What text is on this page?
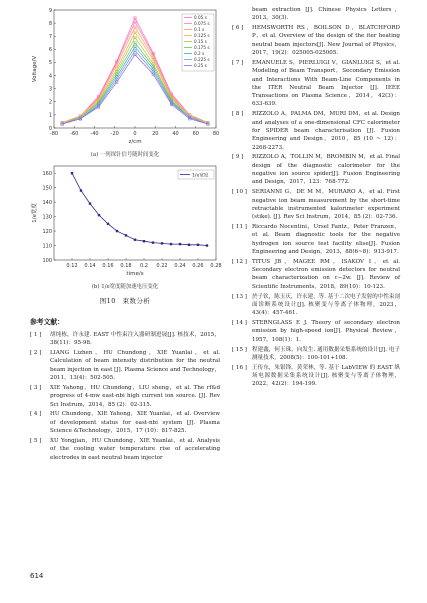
-80 -60 -40 -20	0	20	40	60	80
0
1
2
3
4
5
6
7
8
9
z/cm
Voltage/V
0.05 s
0.075 s
0.1 s
0.125 s
0.15 s
0.175 s
0.2 s
0.225 s
0.25 s
(a) 一列探针信号随时间变化
0.12 0.14 0.16 0.18 0.2 0.22 0.24 0.26 0.28
100
110
120
130
140
150
160
time/s
1/e宽度
1/e宽度
(b) 1/e宽度随加速电压变化
图10　束数分析
参考文献：
[ 1 ]	胡纯栋，许永建. EAST 中性束注入器研制进展[J]. 核技术，2015，38(11)：95-98.
[ 2 ]	LIANG Lizhen，HU Chundong，XIE Yuanlai，et al. Calculation of beam intensity distribution for the neutral beam injection in east [J]. Plasma Science and Technology，2011，13(4)：502-505.
[ 3 ]	XIE Yahong，HU Chundong，LIU sheng，et al. The rf&d progress of 4-mw east-nbi high current ion source. [J]. Rev Sci Instrum，2014，85 (2)：02-315.
[ 4 ]	HU Chundong，XIE Yahong，XIE Yuanlai，et al. Overview of development status for east-nbi system [J]. Plasma Science &Technology，2015，17 (10)：817-825.
[ 5 ]	XU Yongjian，HU Chundong，XIE Yuanlai，et al. Analysis of the cooling water temperature rise of accelerating electrodes in east neutral beam injector
beam extraction [J]. Chinese Physics Letters，2013，30(3).
[ 6 ]	HEMSWORTH RS，BOILSON D，BLATCHFORD P，et al. Overview of the design of the iter heating neutral beam injectors[J]. New Journal of Physics，2017，19(2)：025005-025005.
[ 7 ]	EMANUELE S，PIERLUIGI V，GIANLUIGI S，et al. Modeling of Beam Transport，Secondary Emission and Interactions With Beam-Line Components in the ITER Neutral Beam Injector [J]. IEEE Transactions on Plasma Science，2014，42(3)：633-639.
[ 8 ]	RIZZOLO A，PALMA DM，MURI DM，et al. Design and analyses of a one-dimensional CFC calorimeter for SPIDER beam characterisation [J]. Fusion Engineering and Design，2010，85 (10 ~ 12)：2268-2273.
[ 9 ]	RIZZOLO A，TOLLIN M，BROMBIN M，et al. Final design of the diagnostic calorimeter for the negative ion source spider[J]. Fusion Engineering and Design，2017，123：768-772.
[ 10 ] SERIANNI G，DE M M，MURARO A，et al. First negative ion beam measurement by the short-time retractable instrumented kalorimeter experiment (stike). [J]. Rev Sci Instrum，2014，85 (2)：02-736.
[ 11 ] Riccardo Nocentini，Ursel Fantz，Peter Franzen，et al. Beam diagnostic tools for the negative hydrogen ion source test facility elise[J]. Fusion Engineering and Design，2013，88(6~8)：913-917.
[ 12 ] TITUS JB，MAGEE RM，ISAKOV I，et al. Secondary electron emission detectors for neutral beam characterization on c−2w. [J]. Review of Scientific Instruments，2018，89(10)：10-123.
[ 13 ] 於子钦，陈玉庆，许永建，等. 基于二次电子发射的中性束剖面诊断系统设计[J]. 核聚变与等离子体物理，2023，43(4)：457-461.
[ 14 ] STERNGLASS E J. Theory of secondary electron emission by high-speed ion[J]. Physical Review，1957，108(1)：1.
[ 15 ] 程建鑫，何玉珠，向发生. 通用数据采集系统的设计[J]. 电子测量技术，2008(5)：100-101+108.
[ 16 ] 王传东，朱银锋，黄荣林，等. 基于 LabVIEW 的 EAST 纵场电源数据采集系统设计[J]. 核聚变与等离子体物理，2022，42(2)：194-199.
614
